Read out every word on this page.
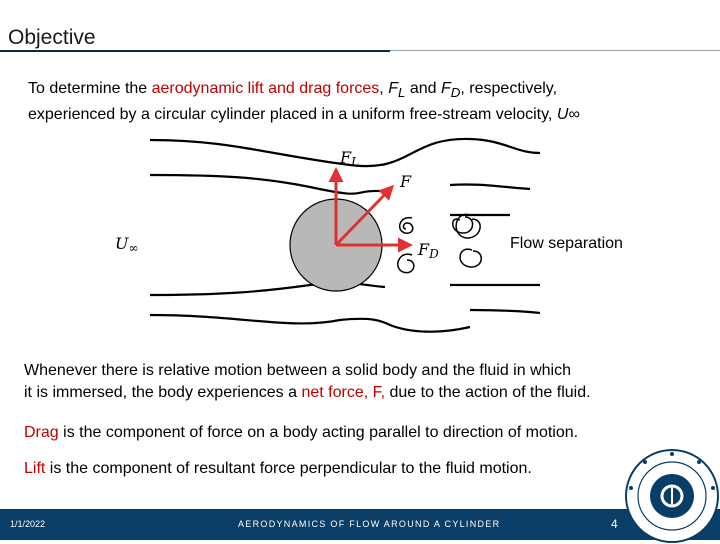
Objective
To determine the aerodynamic lift and drag forces, $F_L$ and $F_D$, respectively,
experienced by a circular cylinder placed in a uniform free-stream velocity, U∞
FL
F
FD
U∞	Flow separation
Whenever there is relative motion between a solid body and the fluid in which
it is immersed, the body experiences a net force, F, due to the action of the fluid.
Drag is the component of force on a body acting parallel to direction of motion.
Lift is the component of resultant force perpendicular to the fluid motion.
1/1/2022	AERODYNAMICS OF FLOW AROUND A CYLINDER	4
